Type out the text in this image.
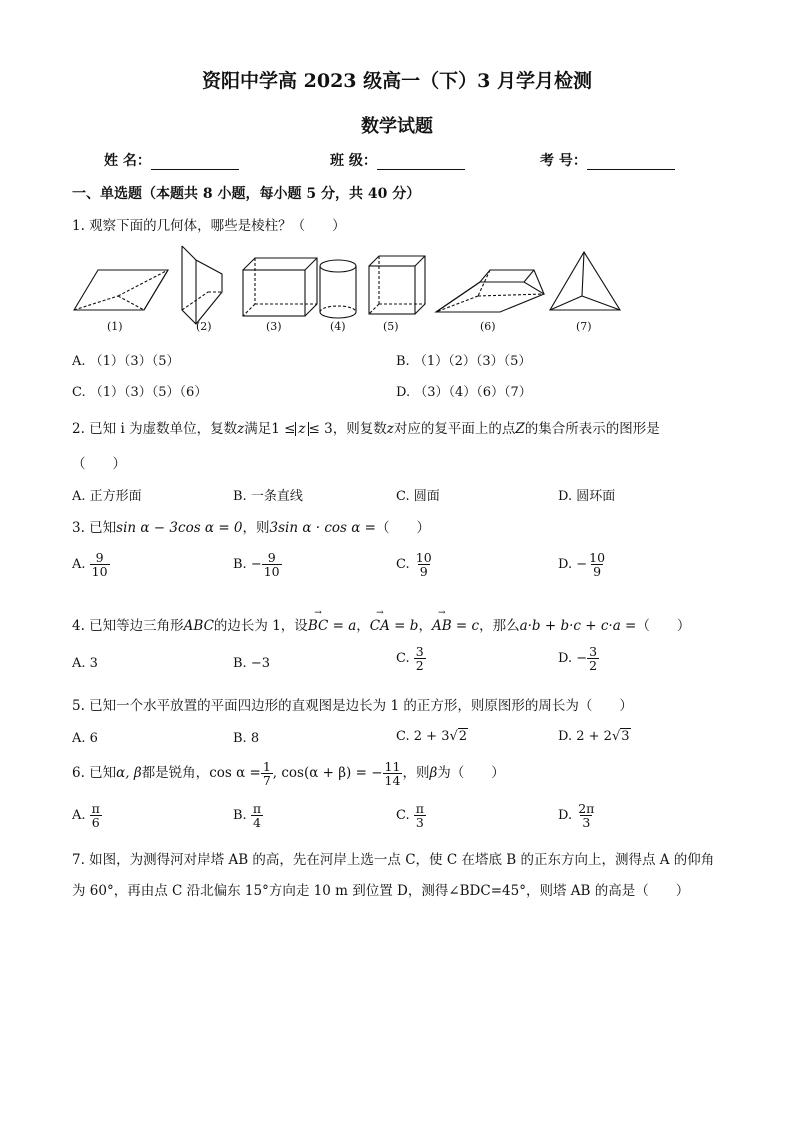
资阳中学高 2023 级高一（下）3 月学月检测
数学试题
姓 名：	班 级：	考 号：
一、单选题（本题共 8 小题，每小题 5 分，共 40 分）
1. 观察下面的几何体，哪些是棱柱？（　　）
(1)	(2)	(3)	(4)	(5)	(6)	(7)
A. （1）（3）（5）	B. （1）（2）（3）（5）
C. （1）（3）（5）（6）	D. （3）（4）（6）（7）
2. 已知 i 为虚数单位，复数z满足1 ≤ z ≤ 3，则复数z对应的复平面上的点Z的集合所表示的图形是
（　　）
A. 正方形面	B. 一条直线	C. 圆面	D. 圆环面
3. 已知sin α − 3cos α = 0，则3sin α · cos α =（　　）
A. $\frac{9}{10}$	B. − $\frac{9}{10}$	C. $\frac{10}{9}$	D. − $\frac{10}{9}$
4. 已知等边三角形ABC的边长为 1，设→ BC = a，→ CA = b，→ AB = c，那么a·b + b·c + c·a =（　　）
A. 3	B. −3	C. $\frac{3}{2}$	D. − $\frac{3}{2}$
5. 已知一个水平放置的平面四边形的直观图是边长为 1 的正方形，则原图形的周长为（　　）
A. 6	B. 8	C. 2 + 3√2	D. 2 + 2√3
6. 已知α, β都是锐角，$\cos \alpha = \frac{1}{7}$ , cos(α + β) = − $\frac{11}{14}$ ，则β为（　　）
A. $\frac{\pi}{6}$	B. $\frac{\pi}{4}$	C. $\frac{\pi}{3}$	D. $\frac{2\pi}{3}$
7. 如图，为测得河对岸塔 AB 的高，先在河岸上选一点 C，使 C 在塔底 B 的正东方向上，测得点 A 的仰角
为 60°，再由点 C 沿北偏东 15°方向走 10 m 到位置 D，测得∠BDC=45°，则塔 AB 的高是（　　）
